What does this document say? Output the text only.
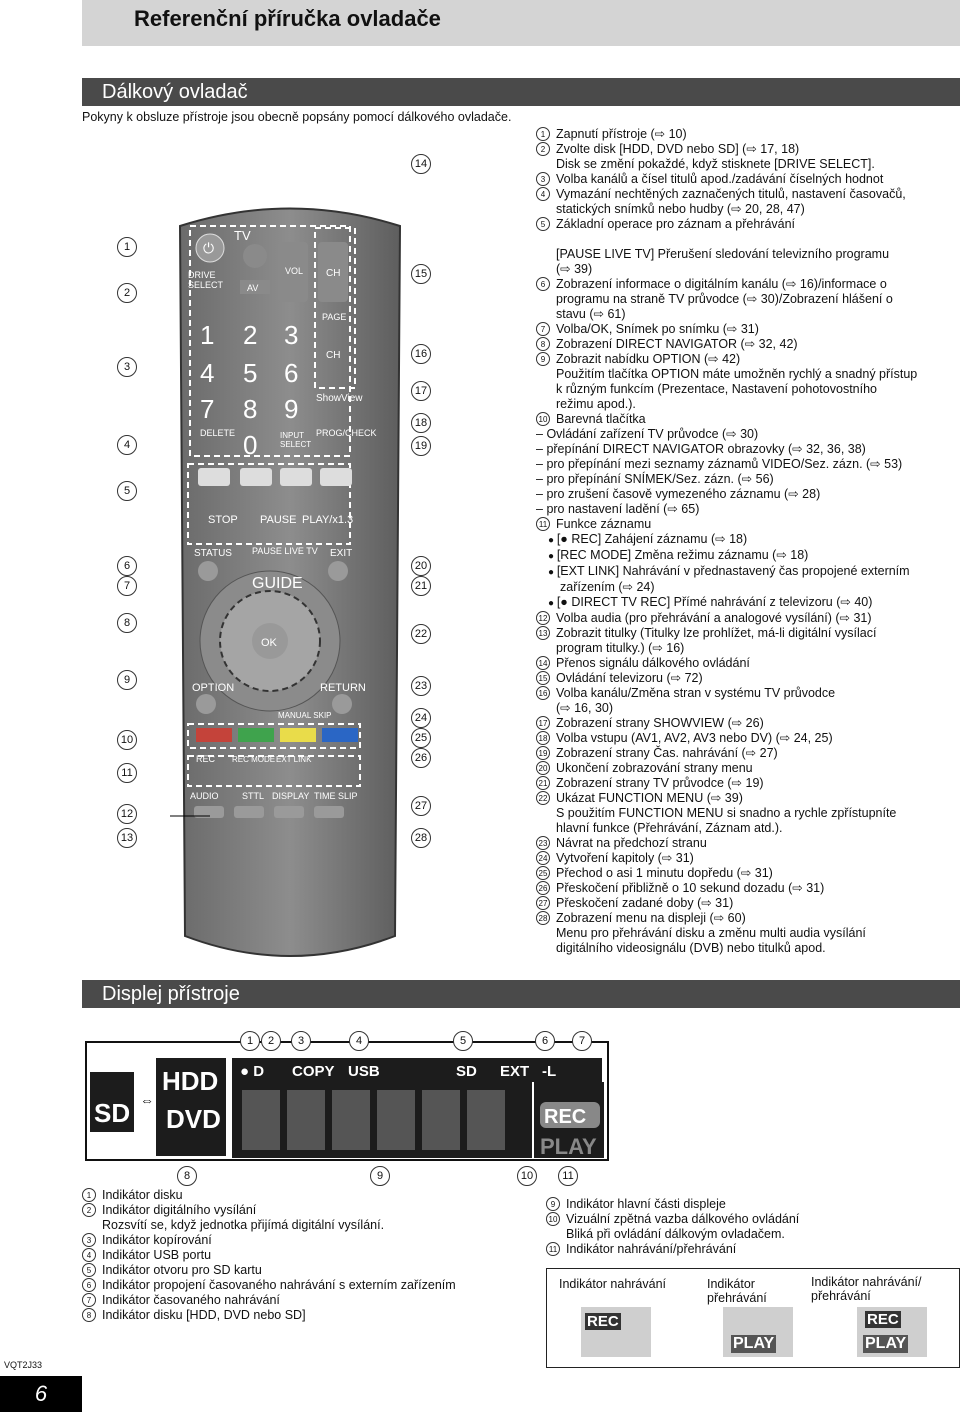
Referenční příručka ovladače
Dálkový ovladač
Pokyny k obsluze přístroje jsou obecně popsány pomocí dálkového ovladače.
1 Zapnutí přístroje (⇨ 10)
2 Zvolte disk [HDD, DVD nebo SD] (⇨ 17, 18)
Disk se změní pokaždé, když stisknete [DRIVE SELECT].
3 Volba kanálů a čísel titulů apod./zadávání číselných hodnot
4 Vymazání nechtěných zaznačených titulů, nastavení časovačů,
statických snímků nebo hudby (⇨ 20, 28, 47)
5 Základní operace pro záznam a přehrávání

[PAUSE LIVE TV] Přerušení sledování televizního programu
(⇨ 39)
6 Zobrazení informace o digitálním kanálu (⇨ 16)/informace o
programu na straně TV průvodce (⇨ 30)/Zobrazení hlášení o
stavu (⇨ 61)
7 Volba/OK, Snímek po snímku (⇨ 31)
8 Zobrazení DIRECT NAVIGATOR (⇨ 32, 42)
9 Zobrazit nabídku OPTION (⇨ 42)
Použitím tlačítka OPTION máte umožněn rychlý a snadný přístup
k různým funkcím (Prezentace, Nastavení pohotovostního
režimu apod.).
10 Barevná tlačítka
– Ovládání zařízení TV průvodce (⇨ 30)
– přepínání DIRECT NAVIGATOR obrazovky (⇨ 32, 36, 38)
– pro přepínání mezi seznamy záznamů VIDEO/Sez. zázn. (⇨ 53)
– pro přepínání SNÍMEK/Sez. zázn. (⇨ 56)
– pro zrušení časově vymezeného záznamu (⇨ 28)
– pro nastavení ladění (⇨ 65)
11 Funkce záznamu
● [● REC] Zahájení záznamu (⇨ 18)
● [REC MODE] Změna režimu záznamu (⇨ 18)
● [EXT LINK] Nahrávání v přednastavený čas propojené externím zařízením (⇨ 24)
● [● DIRECT TV REC] Přímé nahrávání z televizoru (⇨ 40)
12 Volba audia (pro přehrávání a analogové vysílání) (⇨ 31)
13 Zobrazit titulky (Titulky lze prohlížet, má-li digitální vysílací
program titulky.) (⇨ 16)
14 Přenos signálu dálkového ovládání
15 Ovládání televizoru (⇨ 72)
16 Volba kanálu/Změna stran v systému TV průvodce
(⇨ 16, 30)
17 Zobrazení strany SHOWVIEW (⇨ 26)
18 Volba vstupu (AV1, AV2, AV3 nebo DV) (⇨ 24, 25)
19 Zobrazení strany Čas. nahrávání (⇨ 27)
20 Ukončení zobrazování strany menu
21 Zobrazení strany TV průvodce (⇨ 19)
22 Ukázat FUNCTION MENU (⇨ 39)
S použitím FUNCTION MENU si snadno a rychle zpřístupníte
hlavní funkce (Přehrávání, Záznam atd.).
23 Návrat na předchozí stranu
24 Vytvoření kapitoly (⇨ 31)
25 Přechod o asi 1 minutu dopředu (⇨ 31)
26 Přeskočení přibližně o 10 sekund dozadu (⇨ 31)
27 Přeskočení zadané doby (⇨ 31)
28 Zobrazení menu na displeji (⇨ 60)
Menu pro přehrávání disku a změnu multi audia vysílání
digitálního videosignálu (DVB) nebo titulků apod.
⏻
TV
DRIVE
SELECT	AV
VOL CH
1 2 3
4 5 6
7 8 9
0
PAGE
CH
ShowView
DELETE	INPUT
SELECT
PROG/CHECK
STOP PAUSE PLAY/x1.3
STATUS PAUSE LIVE TV EXIT
OK
GUIDE
OPTION	RETURN
MANUAL SKIP
REC REC MODE EXT LINK
AUDIO	STTL DISPLAY TIME SLIP
1
2
3
4
5
6
7
8
9
10
11
12
13
14
15
16
17
18
19
20
21
22
23
24
25
26
27
28
Displej přístroje
SD ⇔
HDD
DVD
● D COPY USB	SD EXT -L
REC
PLAY
1	2	3	4	5	6	7
8	9	10	11
1 Indikátor disku
2 Indikátor digitálního vysílání
Rozsvítí se, když jednotka přijímá digitální vysílání.
3 Indikátor kopírování
4 Indikátor USB portu
5 Indikátor otvoru pro SD kartu
6 Indikátor propojení časovaného nahrávání s externím zařízením
7 Indikátor časovaného nahrávání
8 Indikátor disku [HDD, DVD nebo SD]
9 Indikátor hlavní části displeje
10 Vizuální zpětná vazba dálkového ovládání
Bliká při ovládání dálkovým ovladačem.
11 Indikátor nahrávání/přehrávání
Indikátor nahrávání	Indikátor přehrávání
Indikátor nahrávání/ přehrávání
REC
PLAY
REC
PLAY
VQT2J33
6
